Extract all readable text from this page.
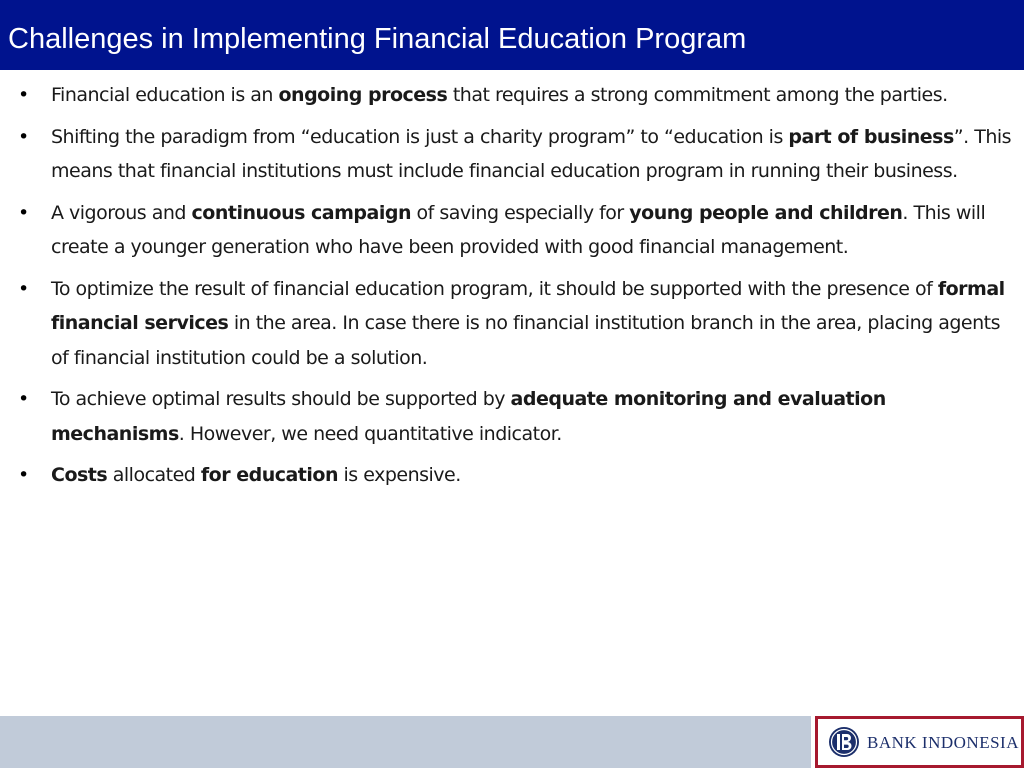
Challenges in Implementing Financial Education Program
• Financial education is an ongoing process that requires a strong commitment among the parties.
• Shifting the paradigm from “education is just a charity program” to “education is part of business”. This means that financial institutions must include financial education program in running their business.
• A vigorous and continuous campaign of saving especially for young people and children. This will create a younger generation who have been provided with good financial management.
• To optimize the result of financial education program, it should be supported with the presence of formal financial services in the area. In case there is no financial institution branch in the area, placing agents of financial institution could be a solution.
• To achieve optimal results should be supported by adequate monitoring and evaluation mechanisms. However, we need quantitative indicator.
• Costs allocated for education is expensive.
BANK INDONESIA
